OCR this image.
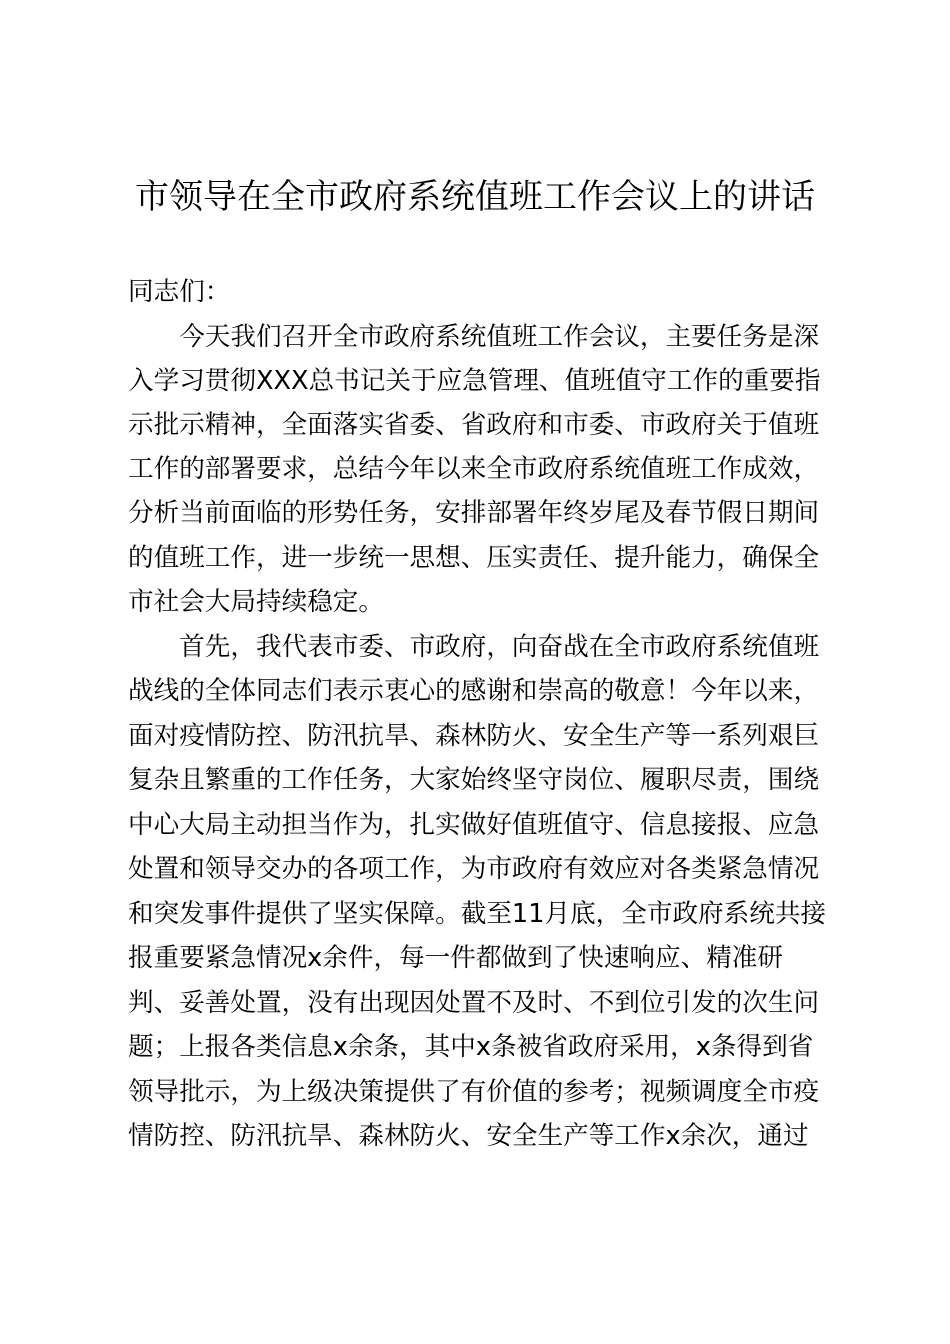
市领导在全市政府系统值班工作会议上的讲话
同志们：
　　今天我们召开全市政府系统值班工作会议，主要任务是深
入学习贯彻XXX总书记关于应急管理、值班值守工作的重要指
示批示精神，全面落实省委、省政府和市委、市政府关于值班
工作的部署要求，总结今年以来全市政府系统值班工作成效，
分析当前面临的形势任务，安排部署年终岁尾及春节假日期间
的值班工作，进一步统一思想、压实责任、提升能力，确保全
市社会大局持续稳定。
　　首先，我代表市委、市政府，向奋战在全市政府系统值班
战线的全体同志们表示衷心的感谢和崇高的敬意！今年以来，
面对疫情防控、防汛抗旱、森林防火、安全生产等一系列艰巨
复杂且繁重的工作任务，大家始终坚守岗位、履职尽责，围绕
中心大局主动担当作为，扎实做好值班值守、信息接报、应急
处置和领导交办的各项工作，为市政府有效应对各类紧急情况
和突发事件提供了坚实保障。截至11月底，全市政府系统共接
报重要紧急情况x余件，每一件都做到了快速响应、精准研
判、妥善处置，没有出现因处置不及时、不到位引发的次生问
题；上报各类信息x余条，其中x条被省政府采用，x条得到省
领导批示，为上级决策提供了有价值的参考；视频调度全市疫
情防控、防汛抗旱、森林防火、安全生产等工作x余次，通过
